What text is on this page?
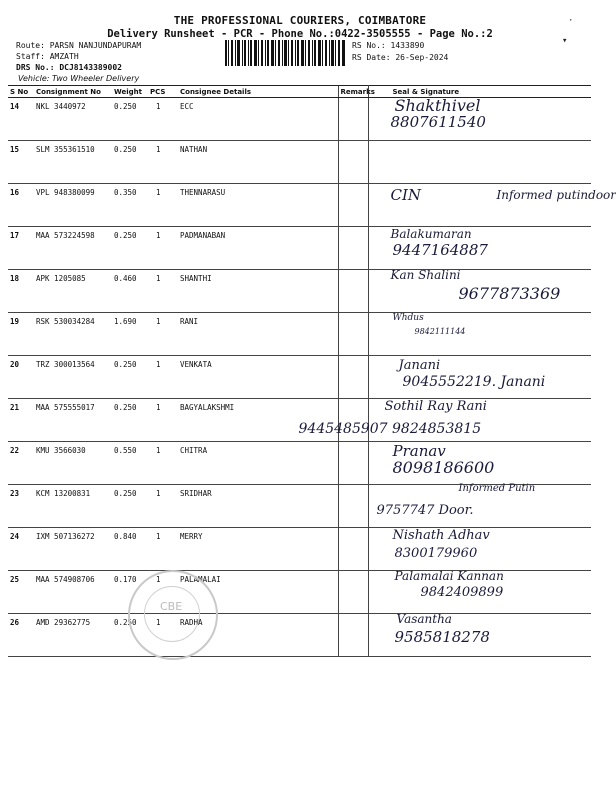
THE PROFESSIONAL COURIERS, COIMBATORE
Delivery Runsheet - PCR - Phone No.:0422-3505555 - Page No.:2
Route: PARSN NANJUNDAPURAM
Staff: AMZATH
DRS No.: DCJ8143389002
RS No.: 1433890
RS Date: 26-Sep-2024
Vehicle: Two Wheeler Delivery
·
▾
S No	Consignment No	Weight	PCS	Consignee Details	Remarks	Seal & Signature
14	NKL 3440972	0.250	1	ECC		Shakthivel
8807611540

15	SLM 355361510	0.250	1	NATHAN		

16	VPL 948380099	0.350	1	THENNARASU		CIN Informed putindoor

17	MAA 573224598	0.250	1	PADMANABAN		Balakumaran
9447164887

18	APK 1205085	0.460	1	SHANTHI		Kan Shalini
9677873369

19	RSK 530034284	1.690	1	RANI		Whdus
9842111144

20	TRZ 300013564	0.250	1	VENKATA		Janani
9045552219. Janani

21	MAA 575555017	0.250	1	BAGYALAKSHMI		Sothil Ray Rani
9445485907 9824853815

22	KMU 3566030	0.550	1	CHITRA		Pranav
8098186600

23	KCM 13200831	0.250	1	SRIDHAR		Informed Putin
9757747 Door.

24	IXM 507136272	0.840	1	MERRY		Nishath Adhav
8300179960

25	MAA 574908706	0.170	1	PALAMALAI		Palamalai Kannan
9842409899

26	AMD 29362775	0.250	1	RADHA		Vasantha
9585818278
CBE
